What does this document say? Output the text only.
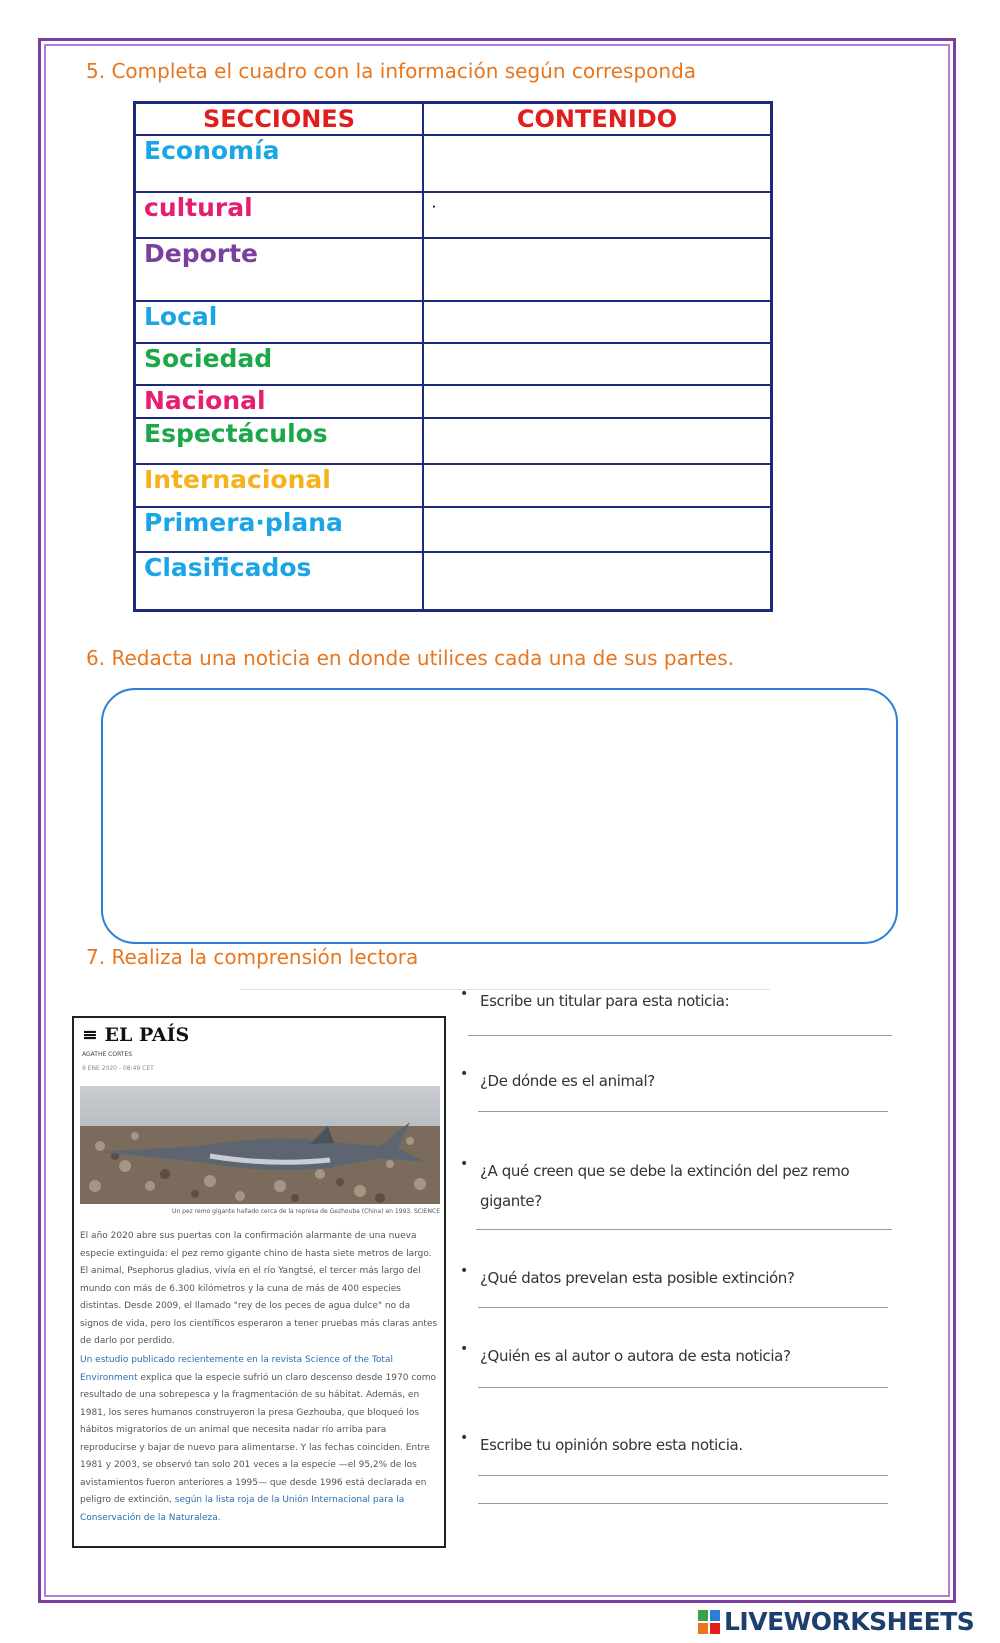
5. Completa el cuadro con la información según corresponda
SECCIONES	CONTENIDO
Economía	
cultural	·
Deporte	
Local	
Sociedad	
Nacional	
Espectáculos	
Internacional	
Primera·plana	
Clasificados	
6. Redacta una noticia en donde utilices cada una de sus partes.
7. Realiza la comprensión lectora
≡ EL PAÍS
AGATHE CORTES
9 ENE 2020 - 08:49 CET
Un pez remo gigante hallado cerca de la represa de Gezhouba (China) en 1993. SCIENCE
El año 2020 abre sus puertas con la confirmación alarmante de una nueva especie extinguida: el pez remo gigante chino de hasta siete metros de largo. El animal, Psephorus gladius, vivía en el río Yangtsé, el tercer más largo del mundo con más de 6.300 kilómetros y la cuna de más de 400 especies distintas. Desde 2009, el llamado "rey de los peces de agua dulce" no da signos de vida, pero los científicos esperaron a tener pruebas más claras antes de darlo por perdido.
Un estudio publicado recientemente en la revista Science of the Total Environment explica que la especie sufrió un claro descenso desde 1970 como resultado de una sobrepesca y la fragmentación de su hábitat. Además, en 1981, los seres humanos construyeron la presa Gezhouba, que bloqueó los hábitos migratorios de un animal que necesita nadar río arriba para reproducirse y bajar de nuevo para alimentarse. Y las fechas coinciden. Entre 1981 y 2003, se observó tan solo 201 veces a la especie —el 95,2% de los avistamientos fueron anteriores a 1995— que desde 1996 está declarada en peligro de extinción, según la lista roja de la Unión Internacional para la Conservación de la Naturaleza.
• Escribe un titular para esta noticia:
• ¿De dónde es el animal?
• ¿A qué creen que se debe la extinción del pez remo gigante?
• ¿Qué datos prevelan esta posible extinción?
• ¿Quién es al autor o autora de esta noticia?
• Escribe tu opinión sobre esta noticia.
LIVEWORKSHEETS
